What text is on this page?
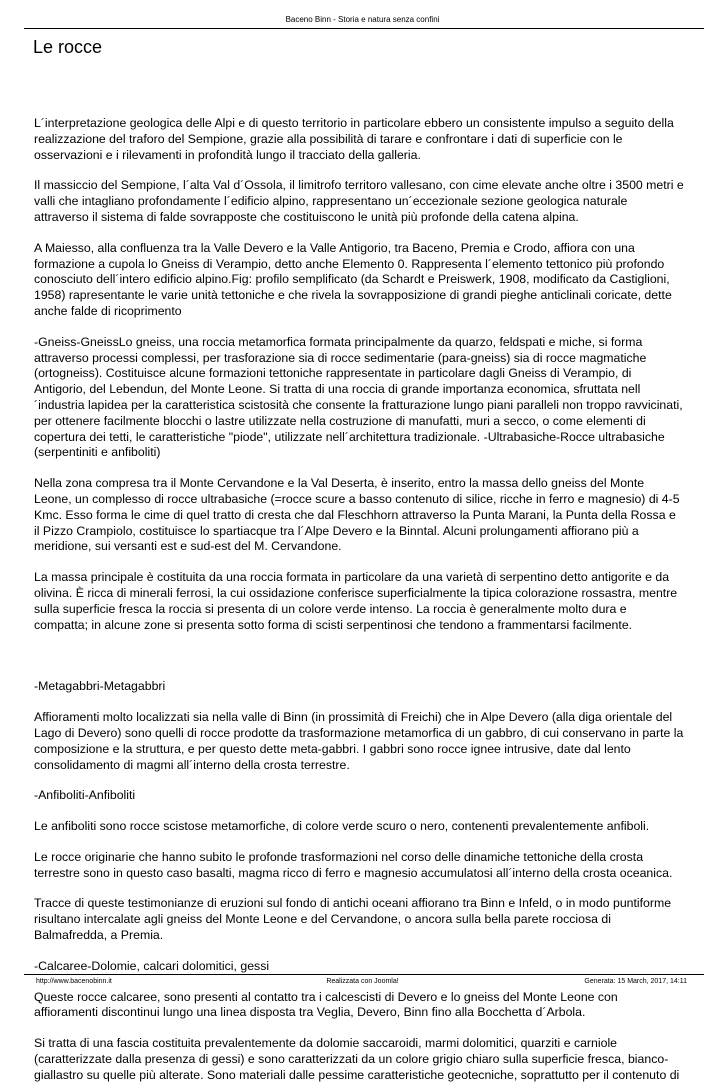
Baceno Binn - Storia e natura senza confini
Le rocce

L´interpretazione geologica delle Alpi e di questo territorio in particolare ebbero un consistente impulso a seguito della realizzazione del traforo del Sempione, grazie alla possibilità di tarare e confrontare i dati di superficie con le osservazioni e i rilevamenti in profondità lungo il tracciato della galleria.

Il massiccio del Sempione, l´alta Val d´Ossola, il limitrofo territoro vallesano, con cime elevate anche oltre i 3500 metri e valli che intagliano profondamente l´edificio alpino, rappresentano un´eccezionale sezione geologica naturale attraverso il sistema di falde sovrapposte che costituiscono le unità più profonde della catena alpina.

A Maiesso, alla confluenza tra la Valle Devero e la Valle Antigorio, tra Baceno, Premia e Crodo, affiora con una formazione a cupola lo Gneiss di Verampio, detto anche Elemento 0. Rappresenta l´elemento tettonico più profondo conosciuto dell´intero edificio alpino.Fig: profilo semplificato (da Schardt e Preiswerk, 1908, modificato da Castiglioni, 1958) rapresentante le varie unità tettoniche e che rivela la sovrapposizione di grandi pieghe anticlinali coricate, dette anche falde di ricoprimento

-Gneiss-GneissLo gneiss, una roccia metamorfica formata principalmente da quarzo, feldspati e miche, si forma attraverso processi complessi, per trasforazione sia di rocce sedimentarie (para-gneiss) sia di rocce magmatiche (ortogneiss). Costituisce alcune formazioni tettoniche rappresentate in particolare dagli Gneiss di Verampio, di Antigorio, del Lebendun, del Monte Leone. Si tratta di una roccia di grande importanza economica, sfruttata nell´industria lapidea per la caratteristica scistosità che consente la fratturazione lungo piani paralleli non troppo ravvicinati, per ottenere facilmente blocchi o lastre utilizzate nella costruzione di manufatti, muri a secco, o come elementi di copertura dei tetti, le caratteristiche "piode", utilizzate nell´architettura tradizionale. -Ultrabasiche-Rocce ultrabasiche (serpentiniti e anfiboliti)

Nella zona compresa tra il Monte Cervandone e la Val Deserta, è inserito, entro la massa dello gneiss del Monte Leone, un complesso di rocce ultrabasiche (=rocce scure a basso contenuto di silice, ricche in ferro e magnesio) di 4-5 Kmc. Esso forma le cime di quel tratto di cresta che dal Fleschhorn attraverso la Punta Marani, la Punta della Rossa e il Pizzo Crampiolo, costituisce lo spartiacque tra l´Alpe Devero e la Binntal. Alcuni prolungamenti affiorano più a meridione, sui versanti est e sud-est del M. Cervandone.

La massa principale è costituita da una roccia formata in particolare da una varietà di serpentino detto antigorite e da olivina. È ricca di minerali ferrosi, la cui ossidazione conferisce superficialmente la tipica colorazione rossastra, mentre sulla superficie fresca la roccia si presenta di un colore verde intenso. La roccia è generalmente molto dura e compatta; in alcune zone si presenta sotto forma di scisti serpentinosi che tendono a frammentarsi facilmente.

-Metagabbri-Metagabbri

Affioramenti molto localizzati sia nella valle di Binn (in prossimità di Freichi) che in Alpe Devero (alla diga orientale del Lago di Devero) sono quelli di rocce prodotte da trasformazione metamorfica di un gabbro, di cui conservano in parte la composizione e la struttura, e per questo dette meta-gabbri. I gabbri sono rocce ignee intrusive, date dal lento consolidamento di magmi all´interno della crosta terrestre.

-Anfiboliti-Anfiboliti

Le anfiboliti sono rocce scistose metamorfiche, di colore verde scuro o nero, contenenti prevalentemente anfiboli.

Le rocce originarie che hanno subito le profonde trasformazioni nel corso delle dinamiche tettoniche della crosta terrestre sono in questo caso basalti, magma ricco di ferro e magnesio accumulatosi all´interno della crosta oceanica.

Tracce di queste testimonianze di eruzioni sul fondo di antichi oceani affiorano tra Binn e Infeld, o in modo puntiforme risultano intercalate agli gneiss del Monte Leone e del Cervandone, o ancora sulla bella parete rocciosa di Balmafredda, a Premia.

-Calcaree-Dolomie, calcari dolomitici, gessi

Queste rocce calcaree, sono presenti al contatto tra i calcescisti di Devero e lo gneiss del Monte Leone con affioramenti discontinui lungo una linea disposta tra Veglia, Devero, Binn fino alla Bocchetta d´Arbola.

Si tratta di una fascia costituita prevalentemente da dolomie saccaroidi, marmi dolomitici, quarziti e carniole (caratterizzate dalla presenza di gessi) e sono caratterizzati da un colore grigio chiaro sulla superficie fresca, bianco-giallastro su quelle più alterate. Sono materiali dalle pessime caratteristiche geotecniche, soprattutto per il contenuto di

http://www.bacenobinn.it	Realizzata con Joomla!	Generata: 15 March, 2017, 14:11
